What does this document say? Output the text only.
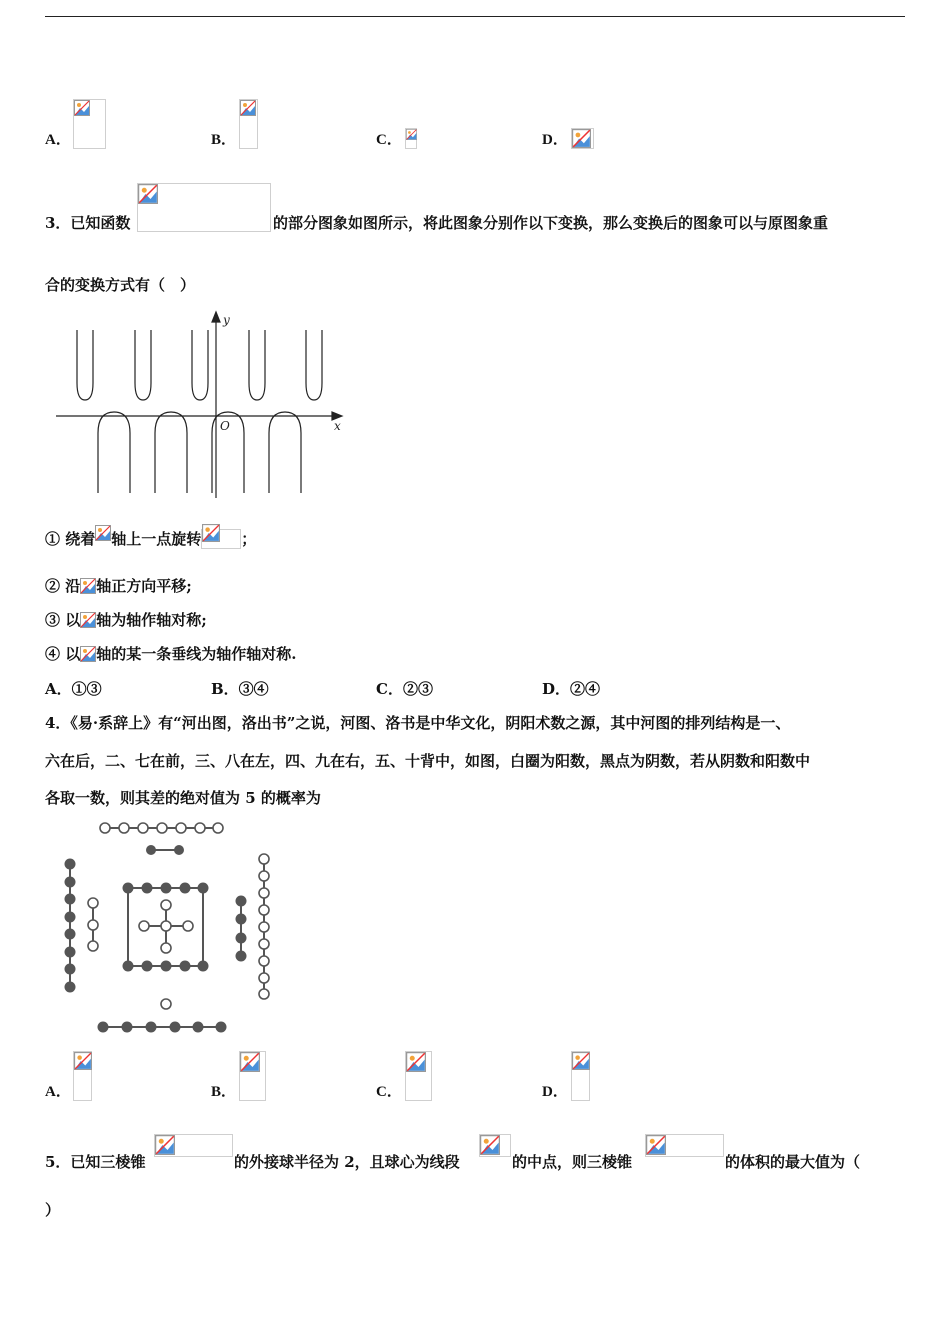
A．	B．	C．	D．
3．已知函数	的部分图象如图所示，将此图象分别作以下变换，那么变换后的图象可以与原图象重
合的变换方式有（　）
y
x
O
① 绕着 轴上一点旋转	；
② 沿 轴正方向平移;
③ 以 轴为轴作轴对称;
④ 以 轴的某一条垂线为轴作轴对称.
A．①③	B．③④	C．②③	D．②④
4．《易·系辞上》有“河出图，洛出书”之说，河图、洛书是中华文化，阴阳术数之源，其中河图的排列结构是一、
六在后，二、七在前，三、八在左，四、九在右，五、十背中，如图，白圈为阳数，黑点为阴数，若从阴数和阳数中
各取一数，则其差的绝对值为 5 的概率为
A．	B．	C．	D．
5．已知三棱锥	的外接球半径为 2，且球心为线段	的中点，则三棱锥	的体积的最大值为（
）
